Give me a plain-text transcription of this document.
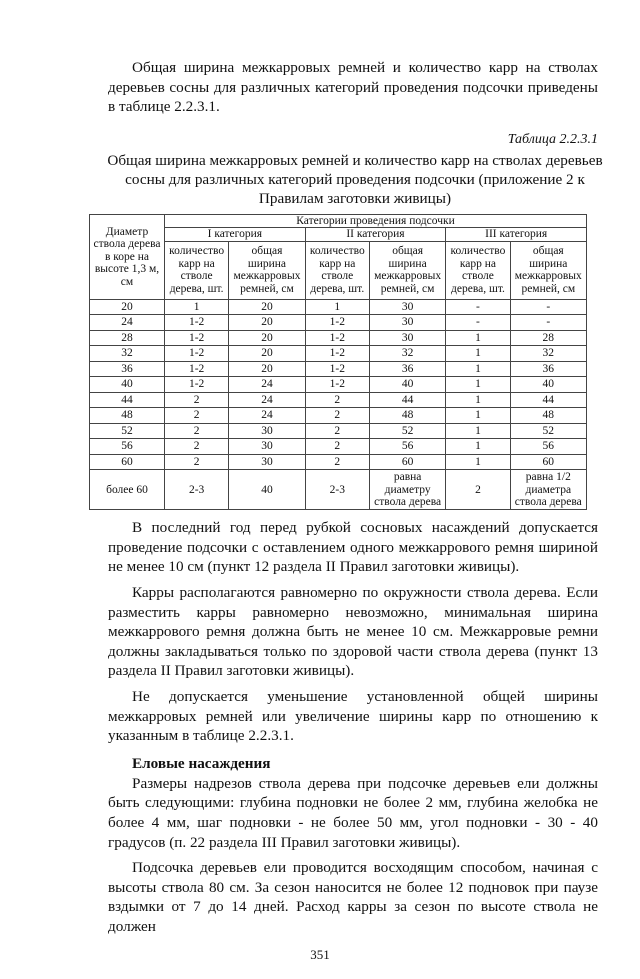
Общая ширина межкарровых ремней и количество карр на стволах деревьев сосны для различных категорий проведения подсочки приведены в таблице 2.2.3.1.

Таблица 2.2.3.1
Общая ширина межкарровых ремней и количество карр на стволах деревьев сосны для различных категорий проведения подсочки (приложение 2 к Правилам заготовки живицы)
Диаметр ствола дерева в коре на высоте 1,3 м, см	Категории проведения подсочки					
	I категория		II категория		III категория	
	количество карр на стволе дерева, шт.	общая ширина межкарровых ремней, см	количество карр на стволе дерева, шт.	общая ширина межкарровых ремней, см	количество карр на стволе дерева, шт.	общая ширина межкарровых ремней, см
20	1	20	1	30	-	-
24	1-2	20	1-2	30	-	-
28	1-2	20	1-2	30	1	28
32	1-2	20	1-2	32	1	32
36	1-2	20	1-2	36	1	36
40	1-2	24	1-2	40	1	40
44	2	24	2	44	1	44
48	2	24	2	48	1	48
52	2	30	2	52	1	52
56	2	30	2	56	1	56
60	2	30	2	60	1	60
более 60	2-3	40	2-3	равна диаметру ствола дерева	2	равна 1/2 диаметра ствола дерева

В последний год перед рубкой сосновых насаждений допускается проведение подсочки с оставлением одного межкаррового ремня шириной не менее 10 см (пункт 12 раздела II Правил заготовки живицы).

Карры располагаются равномерно по окружности ствола дерева. Если разместить карры равномерно невозможно, минимальная ширина межкаррового ремня должна быть не менее 10 см. Межкарровые ремни должны закладываться только по здоровой части ствола дерева (пункт 13 раздела II Правил заготовки живицы).

Не допускается уменьшение установленной общей ширины межкарровых ремней или увеличение ширины карр по отношению к указанным в таблице 2.2.3.1.

Еловые насаждения

Размеры надрезов ствола дерева при подсочке деревьев ели должны быть следующими: глубина подновки не более 2 мм, глубина желобка не более 4 мм, шаг подновки - не более 50 мм, угол подновки - 30 - 40 градусов (п. 22 раздела III Правил заготовки живицы).

Подсочка деревьев ели проводится восходящим способом, начиная с высоты ствола 80 см. За сезон наносится не более 12 подновок при паузе вздымки от 7 до 14 дней. Расход карры за сезон по высоте ствола не должен

351
